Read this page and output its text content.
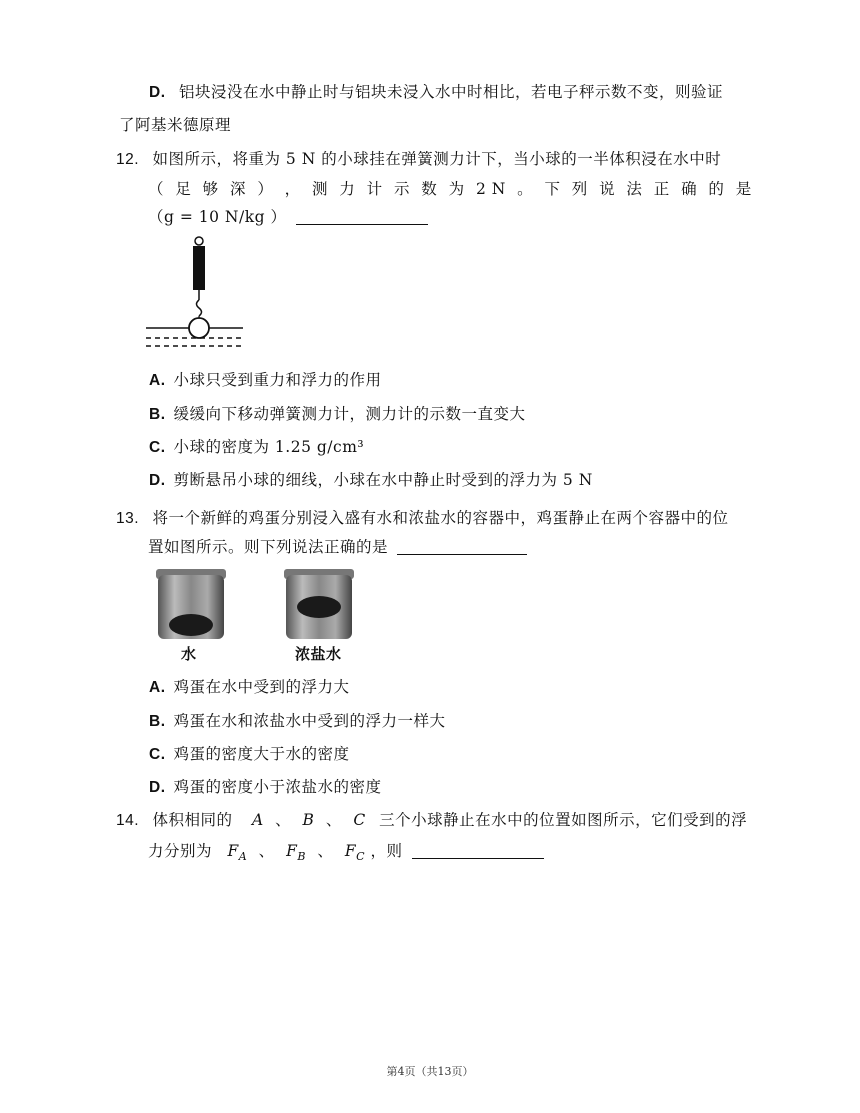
D. 铝块浸没在水中静止时与铝块未浸入水中时相比，若电子秤示数不变，则验证
了阿基米德原理
12. 如图所示，将重为 5 N 的小球挂在弹簧测力计下，当小球的一半体积浸在水中时
（ 足 够 深 ） ， 测 力 计 示 数 为 2 N 。 下 列 说 法 正 确 的 是
（g = 10 N/kg ）
A. 小球只受到重力和浮力的作用
B. 缓缓向下移动弹簧测力计，测力计的示数一直变大
C. 小球的密度为 1.25 g/cm³
D. 剪断悬吊小球的细线，小球在水中静止时受到的浮力为 5 N
13. 将一个新鲜的鸡蛋分别浸入盛有水和浓盐水的容器中，鸡蛋静止在两个容器中的位
置如图所示。则下列说法正确的是
水	浓盐水
A. 鸡蛋在水中受到的浮力大
B. 鸡蛋在水和浓盐水中受到的浮力一样大
C. 鸡蛋的密度大于水的密度
D. 鸡蛋的密度小于浓盐水的密度
14. 体积相同的 A 、 B 、 C 三个小球静止在水中的位置如图所示，它们受到的浮
力分别为 $F_A$ 、 $F_B$ 、 $F_C$ ，则
第4页（共13页）
